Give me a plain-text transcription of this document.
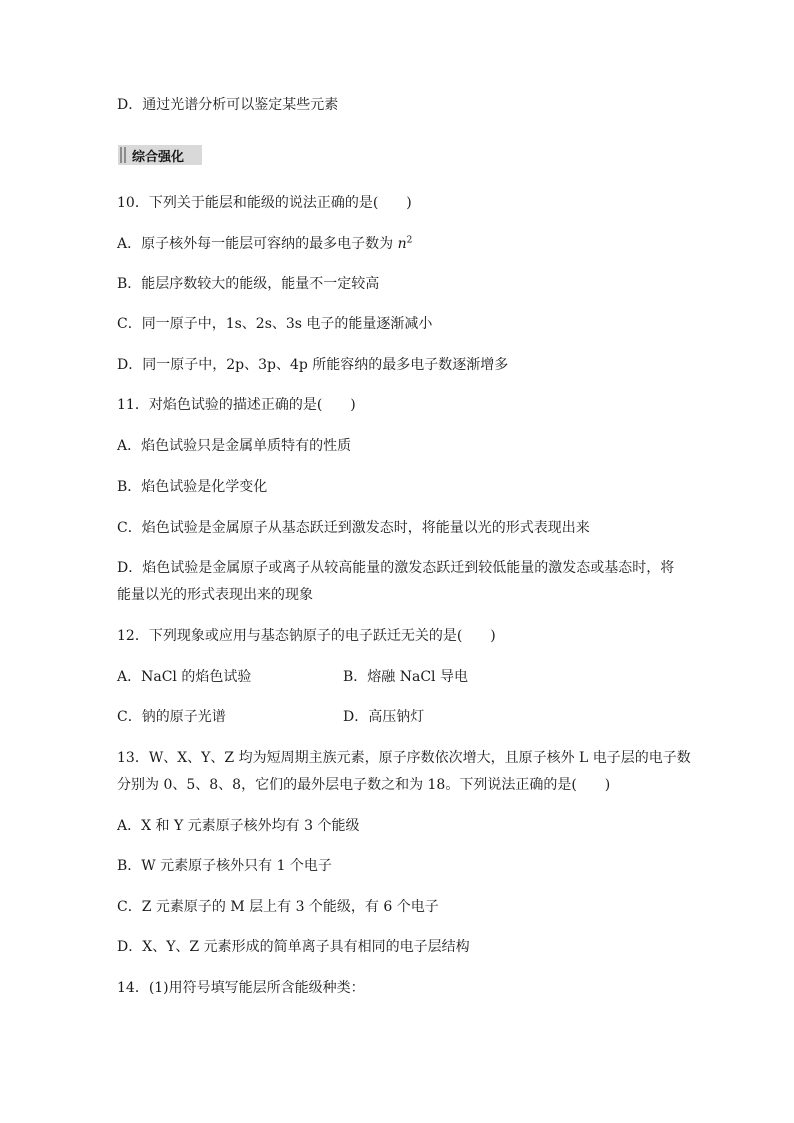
D．通过光谱分析可以鉴定某些元素
综合强化
10．下列关于能层和能级的说法正确的是(　　)
A．原子核外每一能层可容纳的最多电子数为 $n^2$
B．能层序数较大的能级，能量不一定较高
C．同一原子中，1s、2s、3s 电子的能量逐渐减小
D．同一原子中，2p、3p、4p 所能容纳的最多电子数逐渐增多
11．对焰色试验的描述正确的是(　　)
A．焰色试验只是金属单质特有的性质
B．焰色试验是化学变化
C．焰色试验是金属原子从基态跃迁到激发态时，将能量以光的形式表现出来
D．焰色试验是金属原子或离子从较高能量的激发态跃迁到较低能量的激发态或基态时，将
能量以光的形式表现出来的现象
12．下列现象或应用与基态钠原子的电子跃迁无关的是(　　)
A．NaCl 的焰色试验	B．熔融 NaCl 导电
C．钠的原子光谱	D．高压钠灯
13．W、X、Y、Z 均为短周期主族元素，原子序数依次增大，且原子核外 L 电子层的电子数
分别为 0、5、8、8，它们的最外层电子数之和为 18。下列说法正确的是(　　)
A．X 和 Y 元素原子核外均有 3 个能级
B．W 元素原子核外只有 1 个电子
C．Z 元素原子的 M 层上有 3 个能级，有 6 个电子
D．X、Y、Z 元素形成的简单离子具有相同的电子层结构
14．(1)用符号填写能层所含能级种类：
